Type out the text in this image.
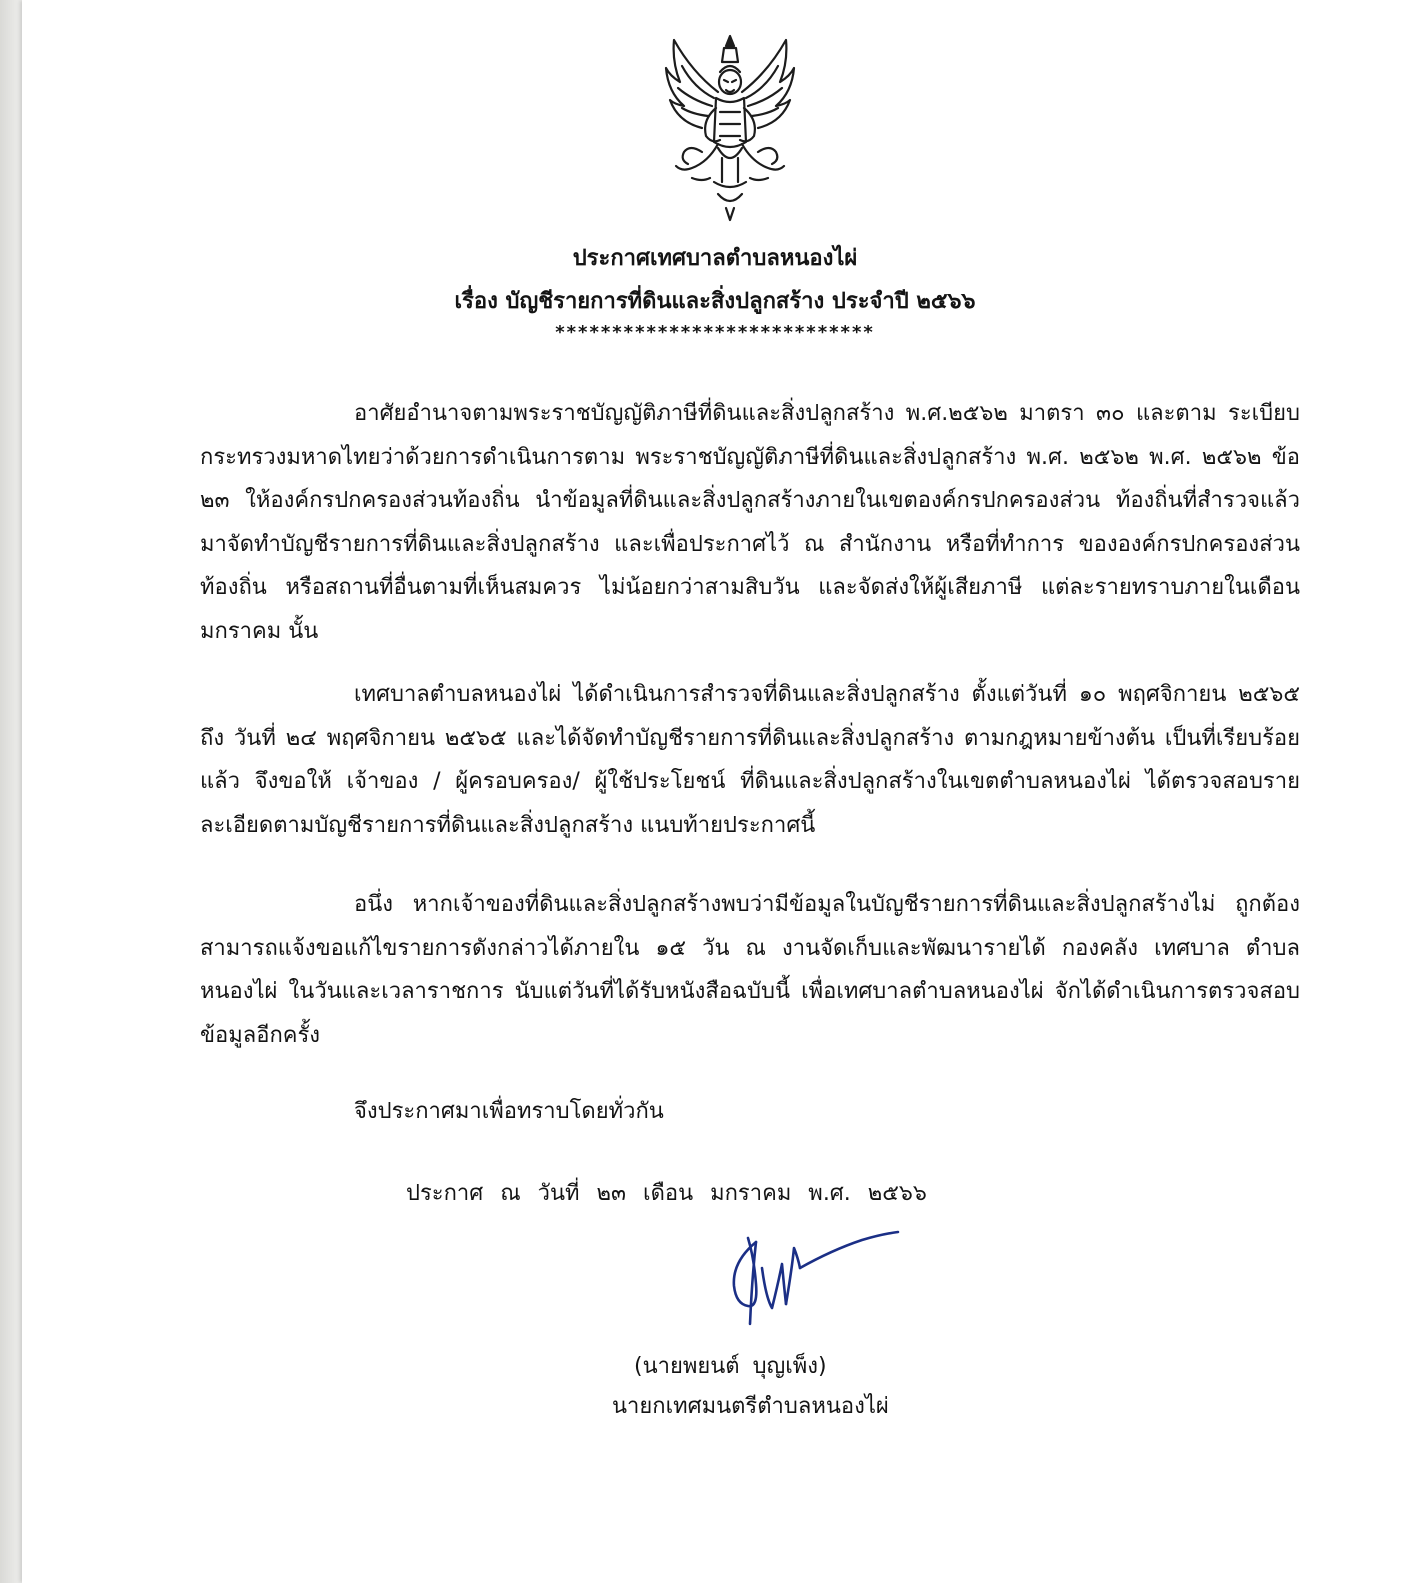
ประกาศเทศบาลตำบลหนองไผ่
เรื่อง บัญชีรายการที่ดินและสิ่งปลูกสร้าง ประจำปี ๒๕๖๖
****************************

อาศัยอำนาจตามพระราชบัญญัติภาษีที่ดินและสิ่งปลูกสร้าง พ.ศ.๒๕๖๒ มาตรา ๓๐ และตาม ระเบียบกระทรวงมหาดไทยว่าด้วยการดำเนินการตาม พระราชบัญญัติภาษีที่ดินและสิ่งปลูกสร้าง พ.ศ. ๒๕๖๒ พ.ศ. ๒๕๖๒ ข้อ ๒๓ ให้องค์กรปกครองส่วนท้องถิ่น นำข้อมูลที่ดินและสิ่งปลูกสร้างภายในเขตองค์กรปกครองส่วน ท้องถิ่นที่สำรวจแล้ว มาจัดทำบัญชีรายการที่ดินและสิ่งปลูกสร้าง และเพื่อประกาศไว้ ณ สำนักงาน หรือที่ทำการ ขององค์กรปกครองส่วนท้องถิ่น หรือสถานที่อื่นตามที่เห็นสมควร ไม่น้อยกว่าสามสิบวัน และจัดส่งให้ผู้เสียภาษี แต่ละรายทราบภายในเดือนมกราคม นั้น

เทศบาลตำบลหนองไผ่ ได้ดำเนินการสำรวจที่ดินและสิ่งปลูกสร้าง ตั้งแต่วันที่ ๑๐ พฤศจิกายน ๒๕๖๕ ถึง วันที่ ๒๔ พฤศจิกายน ๒๕๖๕ และได้จัดทำบัญชีรายการที่ดินและสิ่งปลูกสร้าง ตามกฎหมายข้างต้น เป็นที่เรียบร้อยแล้ว จึงขอให้ เจ้าของ / ผู้ครอบครอง/ ผู้ใช้ประโยชน์ ที่ดินและสิ่งปลูกสร้างในเขตตำบลหนองไผ่ ได้ตรวจสอบรายละเอียดตามบัญชีรายการที่ดินและสิ่งปลูกสร้าง แนบท้ายประกาศนี้

อนึ่ง หากเจ้าของที่ดินและสิ่งปลูกสร้างพบว่ามีข้อมูลในบัญชีรายการที่ดินและสิ่งปลูกสร้างไม่ ถูกต้อง สามารถแจ้งขอแก้ไขรายการดังกล่าวได้ภายใน ๑๕ วัน ณ งานจัดเก็บและพัฒนารายได้ กองคลัง เทศบาล ตำบลหนองไผ่ ในวันและเวลาราชการ นับแต่วันที่ได้รับหนังสือฉบับนี้ เพื่อเทศบาลตำบลหนองไผ่ จักได้ดำเนินการตรวจสอบข้อมูลอีกครั้ง

จึงประกาศมาเพื่อทราบโดยทั่วกัน
ประกาศ ณ วันที่ ๒๓ เดือน มกราคม พ.ศ. ๒๕๖๖
(นายพยนต์ บุญเพ็ง)
นายกเทศมนตรีตำบลหนองไผ่
